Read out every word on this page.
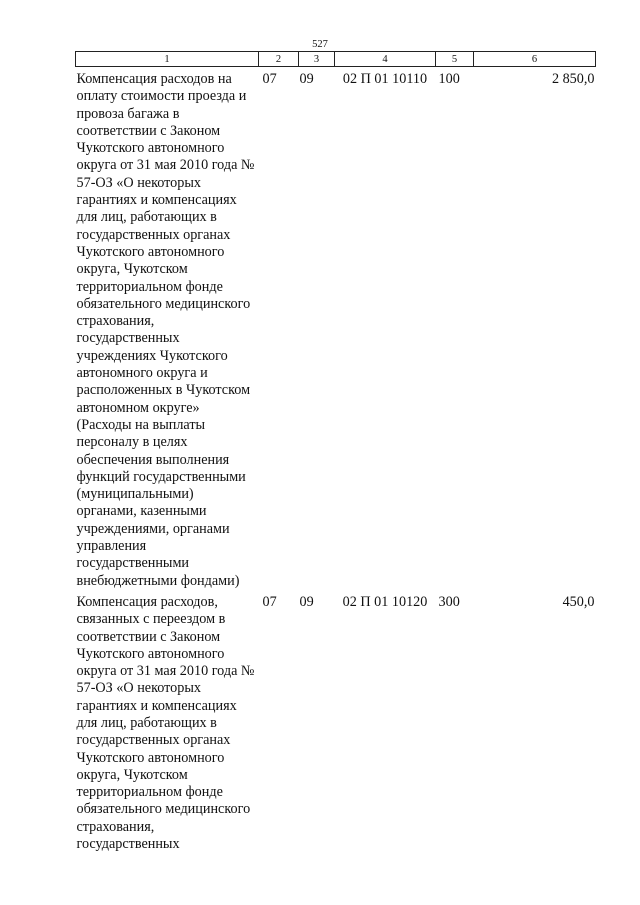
527
1	2	3	4	5	6
Компенсация расходов на оплату стоимости проезда и провоза багажа в соответствии с Законом Чукотского автономного округа от 31 мая 2010 года № 57-ОЗ «О некоторых гарантиях и компенсациях для лиц, работающих в государственных органах Чукотского автономного округа, Чукотском территориальном фонде обязательного медицинского страхования, государственных учреждениях Чукотского автономного округа и расположенных в Чукотском автономном округе» (Расходы на выплаты персоналу в целях обеспечения выполнения функций государственными (муниципальными) органами, казенными учреждениями, органами управления государственными внебюджетными фондами)	07	09	02 П 01 10110	100	2 850,0
Компенсация расходов, связанных с переездом в соответствии с Законом Чукотского автономного округа от 31 мая 2010 года № 57-ОЗ «О некоторых гарантиях и компенсациях для лиц, работающих в государственных органах Чукотского автономного округа, Чукотском территориальном фонде обязательного медицинского страхования, государственных	07	09	02 П 01 10120	300	450,0
